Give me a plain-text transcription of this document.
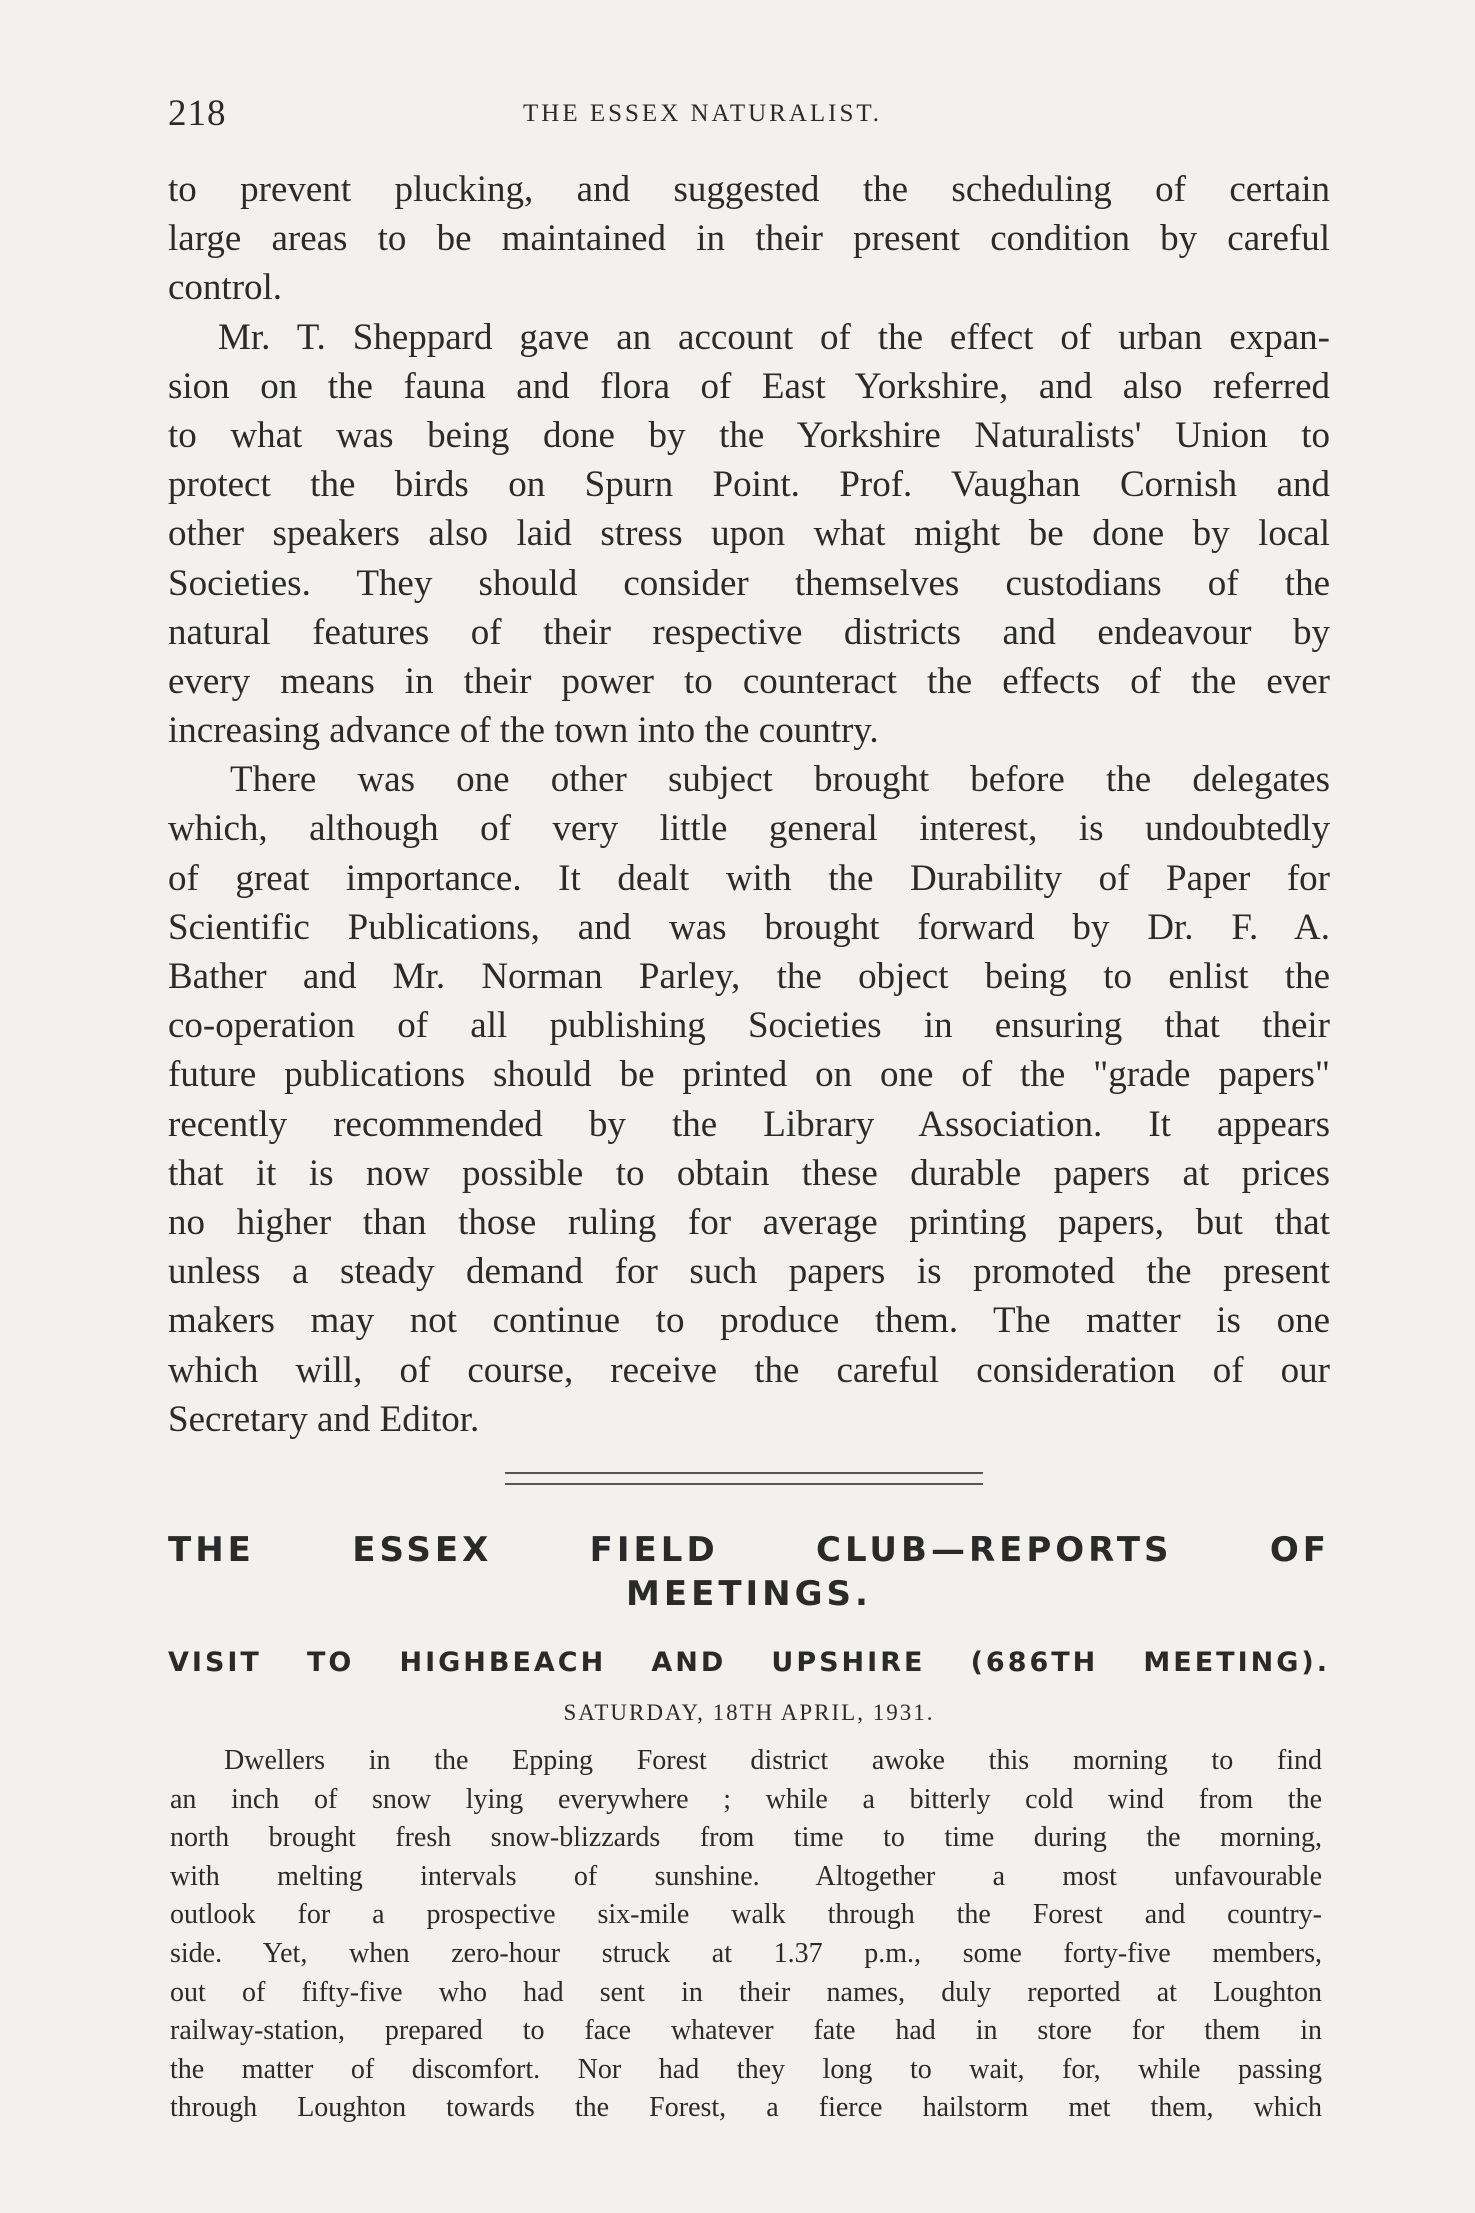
218	THE ESSEX NATURALIST.
to prevent plucking, and suggested the scheduling of certain
large areas to be maintained in their present condition by careful
control.
Mr. T. Sheppard gave an account of the effect of urban expan-
sion on the fauna and flora of East Yorkshire, and also referred
to what was being done by the Yorkshire Naturalists' Union to
protect the birds on Spurn Point. Prof. Vaughan Cornish and
other speakers also laid stress upon what might be done by local
Societies. They should consider themselves custodians of the
natural features of their respective districts and endeavour by
every means in their power to counteract the effects of the ever
increasing advance of the town into the country.
There was one other subject brought before the delegates
which, although of very little general interest, is undoubtedly
of great importance. It dealt with the Durability of Paper for
Scientific Publications, and was brought forward by Dr. F. A.
Bather and Mr. Norman Parley, the object being to enlist the
co-operation of all publishing Societies in ensuring that their
future publications should be printed on one of the "grade papers"
recently recommended by the Library Association. It appears
that it is now possible to obtain these durable papers at prices
no higher than those ruling for average printing papers, but that
unless a steady demand for such papers is promoted the present
makers may not continue to produce them. The matter is one
which will, of course, receive the careful consideration of our
Secretary and Editor.
THE ESSEX FIELD CLUB—REPORTS OF
MEETINGS.
VISIT TO HIGHBEACH AND UPSHIRE (686TH MEETING).
SATURDAY, 18TH APRIL, 1931.
Dwellers in the Epping Forest district awoke this morning to find
an inch of snow lying everywhere ; while a bitterly cold wind from the
north brought fresh snow-blizzards from time to time during the morning,
with melting intervals of sunshine. Altogether a most unfavourable
outlook for a prospective six-mile walk through the Forest and country-
side. Yet, when zero-hour struck at 1.37 p.m., some forty-five members,
out of fifty-five who had sent in their names, duly reported at Loughton
railway-station, prepared to face whatever fate had in store for them in
the matter of discomfort. Nor had they long to wait, for, while passing
through Loughton towards the Forest, a fierce hailstorm met them, which
